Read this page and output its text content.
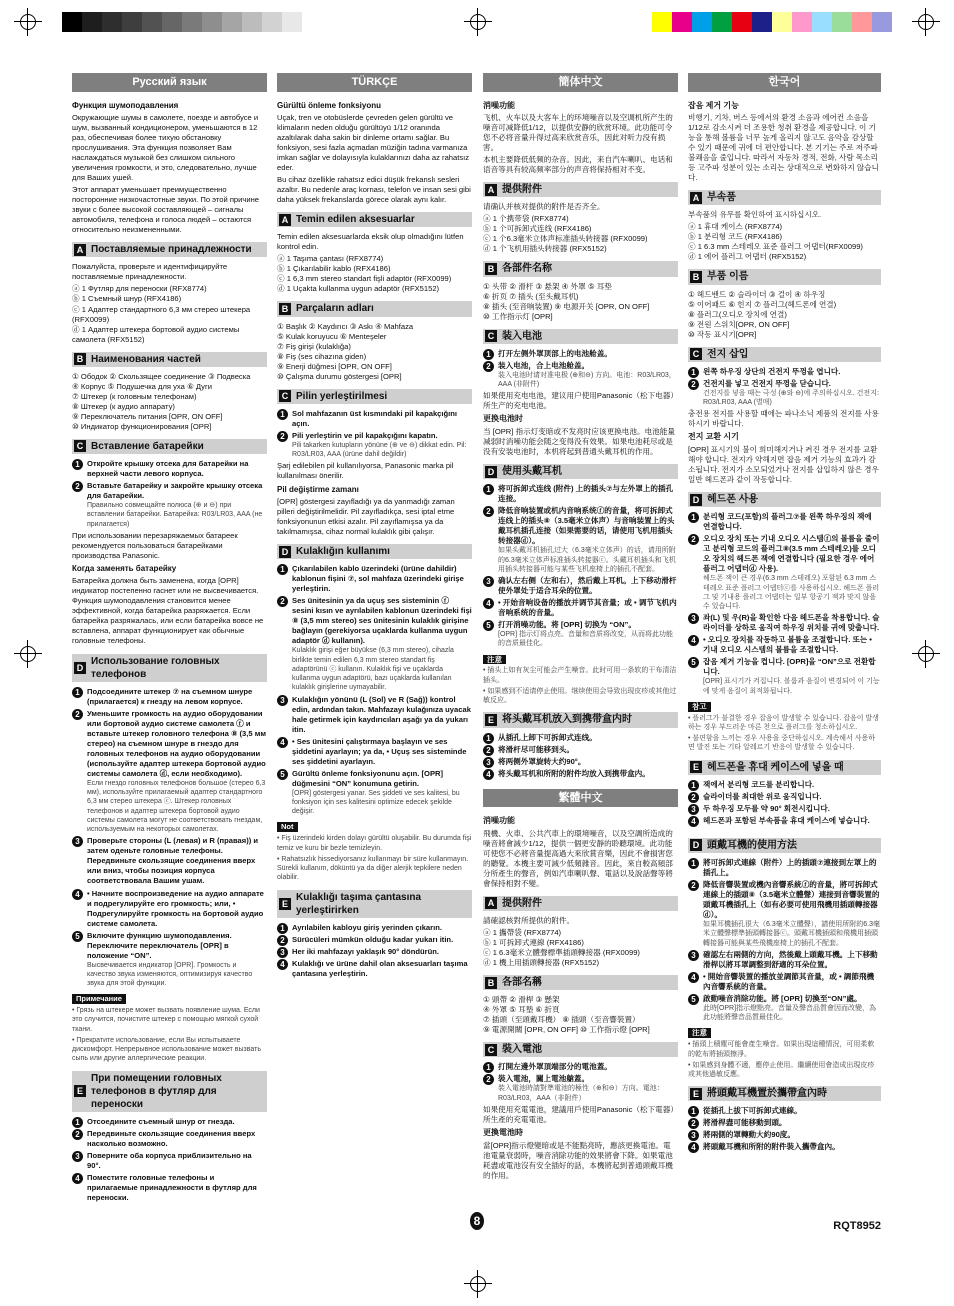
Русский язык
Функция шумоподавления

Окружающие шумы в самолете, поезде и автобусе и шум, вызванный кондиционером, уменьшаются в 12 раз, обеспечивая более тихую обстановку прослушивания. Эта функция позволяет Вам наслаждаться музыкой без слишком сильного увеличения громкости, и это, следовательно, лучше для Ваших ушей.

Этот аппарат уменьшает преимущественно посторонние низкочастотные звуки. По этой причине звуки с более высокой составляющей – сигналы автомобиля, телефона и голоса людей – остаются относительно неизмененными.

A Поставляемые принадлежности

Пожалуйста, проверьте и идентифицируйте поставляемые принадлежности.

ⓐ 1 Футляр для переноски (RFX8774)
ⓑ 1 Съемный шнур (RFX4186)
ⓒ 1 Адаптер стандартного 6,3 мм стерео штекера (RFX0099)
ⓓ 1 Адаптер штекера бортовой аудио системы самолета (RFX5152)
B Наименования частей
① Ободок ② Скользящее соединение ③ Подвеска
④ Корпус ⑤ Подушечка для уха ⑥ Дуги
⑦ Штекер (к головным телефонам)
⑧ Штекер (к аудио аппарату)
⑨ Переключатель питания [OPR, ON OFF]
⑩ Индикатор функционирования [OPR]
C Вставление батарейки
1 Откройте крышку отсека для батарейки на верхней части левого корпуса.
2 Вставьте батарейку и закройте крышку отсека для батарейки.
Правильно совмещайте полюса (⊕ и ⊖) при вставлении батарейки. Батарейка: R03/LR03, AAA (не прилагается)

При использовании перезаряжаемых батареек рекомендуется пользоваться батарейками производства Panasonic.

Когда заменять батарейку

Батарейка должна быть заменена, когда [OPR] индикатор постепенно гаснет или не высвечивается. Функция шумоподавления становится менее эффективной, когда батарейка разряжается. Если батарейка разряжалась, или если батарейка вовсе не вставлена, аппарат функционирует как обычные головные телефоны.

D
Использование головных телефонов
1 Подсоедините штекер ⑦ на съемном шнуре (прилагается) к гнезду на левом корпусе.
2 Уменьшите громкость на аудио оборудовании или бортовой аудио системе самолета ⓕ и вставьте штекер головного телефона ⑧ (3,5 мм стерео) на съемном шнуре в гнездо для головных телефонов на аудио оборудовании (используйте адаптер штекера бортовой аудио системы самолета ⓓ, если необходимо).
Если гнездо головных телефонов большое (стерео 6,3 мм), используйте прилагаемый адаптер стандартного 6,3 мм стерео штекера ⓒ. Штекер головных телефонов и адаптер штекера бортовой аудио системы самолета могут не соответствовать гнездам, используемым на некоторых самолетах.
3 Проверьте стороны (L (левая) и R (правая)) и затем оденьте головные телефоны. Передвиньте скользящие соединения вверх или вниз, чтобы позиция корпуса соответствовала Вашим ушам.
4 • Начните воспроизведение на аудио аппарате и подрегулируйте его громкость; или, • Подрегулируйте громкость на бортовой аудио системе самолета.
5 Включите функцию шумоподавления. Переключите переключатель [OPR] в положение “ON”.
Высвечивается индикатор [OPR]. Громкость и качество звука изменяются, оптимизируя качество звука для этой функции.
Примечание

• Грязь на штекере может вызвать появление шума. Если это случится, почистите штекер с помощью мягкой сухой ткани.

• Прекратите использование, если Вы испытываете дискомфорт. Непрерывное использование может вызвать сыпь или другие аллергические реакции.

E
При помещении головных телефонов в футляр для переноски
1 Отсоедините съемный шнур от гнезда.
2 Передвиньте скользящие соединения вверх насколько возможно.
3 Поверните оба корпуса приблизительно на 90°.
4 Поместите головные телефоны и прилагаемые принадлежности в футляр для переноски.
TÜRKÇE
Gürültü önleme fonksiyonu

Uçak, tren ve otobüslerde çevreden gelen gürültü ve klimaların neden olduğu gürültüyü 1/12 oranında azaltılarak daha sakin bir dinleme ortamı sağlar. Bu fonksiyon, sesi fazla açmadan müziğin tadına varmanıza imkan sağlar ve dolayısıyla kulaklarınızı daha az rahatsız eder.

Bu cihaz özellikle rahatsız edici düşük frekanslı sesleri azaltır. Bu nedenle araç kornası, telefon ve insan sesi gibi daha yüksek frekanslarda görece olarak aynı kalır.

A Temin edilen aksesuarlar

Temin edilen aksesuarlarda eksik olup olmadığını lütfen kontrol edin.

ⓐ 1 Taşıma çantası (RFX8774)
ⓑ 1 Çıkarılabilir kablo (RFX4186)
ⓒ 1 6,3 mm stereo standart fişli adaptör (RFX0099)
ⓓ 1 Uçakta kullanma uygun adaptör (RFX5152)
B Parçaların adları
① Başlık ② Kaydırıcı ③ Askı ④ Mahfaza
⑤ Kulak koruyucu ⑥ Menteşeler
⑦ Fiş girişi (kulaklığa)
⑧ Fiş (ses cihazına giden)
⑨ Enerji düğmesi [OPR, ON OFF]
⑩ Çalışma durumu göstergesi [OPR]
C Pilin yerleştirilmesi
1 Sol mahfazanın üst kısmındaki pil kapakçığını açın.
2 Pili yerleştirin ve pil kapakçığını kapatın.
Pili takarken kutupların yönüne (⊕ ve ⊖) dikkat edin. Pil: R03/LR03, AAA (ürüne dahil değildir)

Şarj edilebilen pil kullanılıyorsa, Panasonic marka pil kullanılması önerilir.

Pil değiştirme zamanı

[OPR] göstergesi zayıfladığı ya da yanmadığı zaman pilleri değiştirilmelidir. Pil zayıfladıkça, sesi iptal etme fonksiyonunun etkisi azalır. Pil zayıflamışsa ya da takılmamışsa, cihaz normal kulaklık gibi çalışır.

D Kulaklığın kullanımı
1 Çıkarılabilen kablo üzerindeki (ürüne dahildir) kablonun fişini ⑦, sol mahfaza üzerindeki girişe yerleştirin.
2 Ses ünitesinin ya da uçuş ses sisteminin ⓕ sesini kısın ve ayrılabilen kablonun üzerindeki fişi ⑧ (3,5 mm stereo) ses ünitesinin kulaklık girişine bağlayın (gerekiyorsa uçaklarda kullanma uygun adaptör ⓓ kullanın).
Kulaklık girişi eğer büyükse (6,3 mm stereo), cihazla birlikte temin edilen 6,3 mm stereo standart fiş adaptörünü ⓒ kullanın. Kulaklık fişi ve uçaklarda kullanma uygun adaptörü, bazı uçaklarda kullanılan kulaklık girişlerine uymayabilir.
3 Kulaklığın yönünü (L (Sol) ve R (Sağ)) kontrol edin, ardından takın. Mahfazayı kulağınıza uyacak hale getirmek için kaydırıcıları aşağı ya da yukarı itin.
4 • Ses ünitesini çalıştırmaya başlayın ve ses şiddetini ayarlayın; ya da, • Uçuş ses sisteminde ses şiddetini ayarlayın.
5 Gürültü önleme fonksiyonunu açın. [OPR] düğmesini “ON” konumuna getirin.
[OPR] göstergesi yanar. Ses şiddeti ve ses kalitesi, bu fonksiyon için ses kalitesini optimize edecek şekilde değişir.
Not

• Fiş üzerindeki kirden dolayı gürültü oluşabilir. Bu durumda fişi temiz ve kuru bir bezle temizleyin.

• Rahatsızlık hissediyorsanız kullanmayı bir süre kullanmayın. Sürekli kullanım, döküntü ya da diğer alerjik tepkilere neden olabilir.

E
Kulaklığı taşıma çantasına yerleştirirken
1 Ayrılabilen kabloyu giriş yerinden çıkarın.
2 Sürücüleri mümkün olduğu kadar yukarı itin.
3 Her iki mahfazayı yaklaşık 90° döndürün.
4 Kulaklığı ve ürüne dahil olan aksesuarları taşıma çantasına yerleştirin.
簡体中文
消噪功能

飞机、火车以及大客车上的环境噪音以及空调机所产生的噪音可减降低1/12，以提供安静的欣赏环境。此功能可令您不必将音量升得过高来欣赏音乐，因此对听力没有损害。

本机主要降低低频的杂音。因此，来自汽车喇叭、电话和语音等具有较高频率部分的声音将保持相对不变。

A 提供附件

请确认并核对提供的附件是否齐全。

ⓐ 1 个携带袋 (RFX8774)
ⓑ 1 个可拆卸式连线 (RFX4186)
ⓒ 1 个6.3毫米立体声标准插头转接器 (RFX0099)
ⓓ 1 个飞机用插头转接器 (RFX5152)
B 各部件名称
① 头带 ② 滑杆 ③ 悬架 ④ 外罩 ⑤ 耳垫
⑥ 折页 ⑦ 插头 (至头戴耳机)
⑧ 插头 (至音响装置) ⑨ 电源开关 [OPR, ON OFF]
⑩ 工作指示灯 [OPR]
C 装入电池
1 打开左侧外罩顶部上的电池舱盖。
2 装入电池，合上电池舱盖。
装入电池时请对准电极 (⊕和⊖) 方向。电池：R03/LR03，AAA (非附件)

如果使用充电电池，建议用户使用Panasonic（松下电器）所生产的充电电池。

更换电池时

当 [OPR] 指示灯变暗或不发亮时应该更换电池。电池能量减弱时消噪功能会随之变得没有效果。如果电池耗尽或是没有安装电池时，本机将起到普通头戴耳机的作用。

D 使用头戴耳机
1 将可拆卸式连线 (附件) 上的插头⑦与左外罩上的插孔连接。
2 降低音响装置或机内音响系统ⓕ的音量，将可拆卸式连线上的插头⑧（3.5毫米立体声）与音响装置上的头戴耳机插孔连接（如果需要的话，请使用飞机用插头转接器ⓓ）。
如果头戴耳机插孔过大（6.3毫米立体声）的话，请用所附的6.3毫米立体声标准插头转接器ⓒ。头戴耳机插头和飞机用插头转接器可能与某些飞机座椅上的插孔不配套。
3 确认左右侧（左和右），然后戴上耳机。上下移动滑杆使外罩处于适合耳朵的位置。
4 • 开始音响设备的播放并调节其音量；或 • 调节飞机内音响系统的音量。
5 打开消噪功能。将 [OPR] 切换为 “ON”。
[OPR] 指示灯将点亮。音量和音质将改变，从而将此功能的音质最佳化。
注意

• 插头上如有灰尘可能会产生噪音。此时可用一条软的干布清洁插头。

• 如果感到不适请停止使用。继续使用会导致出现皮疹或其他过敏反应。

E 将头戴耳机放入到携带盒内时
1 从插孔上卸下可拆卸式连线。
2 将滑杆尽可能移到头。
3 将两侧外罩旋转大约90°。
4 将头戴耳机和所附的附件均放入到携带盒内。
繁體中文
消噪功能

飛機、火車、公共汽車上的環境噪音，以及空調所造成的噪音將會減少1/12，提供一個更安靜的聆聽環境。此功能可使您不必將音量提高過大來欣賞音樂，因此不會損害您的聽覺。本機主要可減少低頻雜音。因此，來自較高頻部分所產生的聲音，例如汽車喇叭聲、電話以及說話聲等將會保持相對不變。

A 提供附件

請確認核對所提供的附件。

ⓐ 1 攜帶袋 (RFX8774)
ⓑ 1 可拆卸式連線 (RFX4186)
ⓒ 1 6.3毫米立體聲標準插頭轉接器 (RFX0099)
ⓓ 1 機上用插頭轉接器 (RFX5152)
B 各部名稱
① 頭帶 ② 滑桿 ③ 懸架
④ 外罩 ⑤ 耳墊 ⑥ 折頁
⑦ 插頭（至頭戴耳機） ⑧ 插頭（至音響裝置）
⑨ 電源開關 [OPR, ON OFF] ⑩ 工作指示燈 [OPR]
C 裝入電池
1 打開左邊外罩頂端部分的電池蓋。
2 裝入電池，關上電池艙蓋。
裝入電池時請對準電池的極性（⊕和⊖）方向。電池：R03/LR03，AAA（非附件）

如果使用充電電池，建議用戶使用Panasonic（松下電器）所生產的充電電池。

更換電池時

當[OPR]指示燈變暗或是不能點亮時，應該更換電池。電池電量衰弱時，噪音消除功能的效果將會下降。如果電池耗盡或電池沒有安全插好的話，本機將起到普通頭戴耳機的作用。

한국어
잡음 제거 기능

비행기, 기차, 버스 등에서의 환경 소음과 에어컨 소음을 1/12로 감소시켜 더 조용한 청취 환경을 제공합니다. 이 기능을 통해 볼륨을 너무 높게 올리지 않고도 음악을 감상할 수 있기 때문에 귀에 더 편안합니다. 본 기기는 주로 저주파 불쾌음을 줄입니다. 따라서 자동차 경적, 전화, 사람 목소리 등 고주파 성분이 있는 소리는 상대적으로 변화하지 않습니다.

A 부속품

부속품의 유무를 확인하여 표시하십시오.

ⓐ 1 휴대 케이스 (RFX8774)
ⓑ 1 분리형 코드 (RFX4186)
ⓒ 1 6.3 mm 스테레오 표준 플러그 어댑터(RFX0099)
ⓓ 1 에어 플러그 어댑터 (RFX5152)
B 부품 이름
① 헤드밴드 ② 슬라이더 ③ 걸이 ④ 하우징
⑤ 이어패드 ⑥ 힌지 ⑦ 플러그(헤드폰에 연결)
⑧ 플러그(오디오 장치에 연결)
⑨ 전원 스위치[OPR, ON OFF]
⑩ 작동 표시기[OPR]
C 전지 삽입
1 왼쪽 하우징 상단의 건전지 뚜껑을 엽니다.
2 건전지를 넣고 건전지 뚜껑을 닫습니다.
건전지를 넣을 때는 극성 (⊕와 ⊖)에 주의하십시오. 건전지: R03/LR03, AAA (별매)

충전용 전지를 사용할 때에는 파나소닉 제품의 전지를 사용하시기 바랍니다.

전지 교환 시기

[OPR] 표시기의 불이 희미해지거나 켜진 경우 전지를 교환해야 합니다. 전지가 약해지면 잡음 제거 기능의 효과가 감소됩니다. 전지가 소모되었거나 전지를 삽입하지 않은 경우 일반 헤드폰과 같이 작동합니다.

D 헤드폰 사용
1 분리형 코드(포함)의 플러그⑦를 왼쪽 하우징의 잭에 연결합니다.
2 오디오 장치 또는 기내 오디오 시스템ⓕ의 볼륨을 줄이고 분리형 코드의 플러그⑧(3.5 mm 스테레오)를 오디오 장치의 헤드폰 잭에 연결합니다 (필요한 경우 에어 플러그 어댑터ⓓ 사용).
헤드폰 잭이 큰 경우(6.3 mm 스테레오) 포함된 6.3 mm 스테레오 표준 플러그 어댑터ⓒ를 사용하십시오. 헤드폰 플러그 및 기내용 플러그 어댑터는 일부 항공기 잭과 맞지 않을 수 있습니다.
3 좌(L) 및 우(R)을 확인한 다음 헤드폰을 착용합니다. 슬라이더를 상하로 움직여 하우징 위치를 귀에 맞춥니다.
4 • 오디오 장치를 작동하고 볼륨을 조절합니다. 또는 • 기내 오디오 시스템의 볼륨을 조절합니다.
5 잡음 제거 기능을 켭니다. [OPR]을 “ON”으로 전환합니다.
[OPR] 표시기가 켜집니다. 볼륨과 음질이 변경되어 이 기능에 맞게 음질이 최적화됩니다.
참고

• 플러그가 불결한 경우 잡음이 발생할 수 있습니다. 잡음이 발생하는 경우 부드러운 마른 천으로 플러그를 청소하십시오.

• 불편함을 느끼는 경우 사용을 중단하십시오. 계속해서 사용하면 발진 또는 기타 알레르기 반응이 발생할 수 있습니다.

E 헤드폰을 휴대 케이스에 넣을 때
1 잭에서 분리형 코드를 분리합니다.
2 슬라이더를 최대한 위로 움직입니다.
3 두 하우징 모두를 약 90° 회전시킵니다.
4 헤드폰과 포함된 부속품을 휴대 케이스에 넣습니다.
D 頭戴耳機的使用方法
1 將可拆卸式連線（附件）上的插頭⑦連接到左罩上的插孔上。
2 降低音響裝置或機內音響系統ⓕ的音量，將可拆卸式連線上的插頭⑧（3.5毫米立體聲）連接到音響裝置的頭戴耳機插孔上（如有必要可使用飛機用插頭轉接器ⓓ）。
如果耳機插孔很大（6.3毫米立體聲），請使用所附的6.3毫米立體聲標準插頭轉接器ⓒ。頭戴耳機插頭和飛機用插頭轉接器可能與某些飛機座椅上的插孔不配套。
3 確認左右兩側的方向，然後戴上頭戴耳機。上下移動滑桿以將耳罩調整到舒適的耳朵位置。
4 • 開始音響裝置的播放並調節其音量，或 • 調節飛機內音響系統的音量。
5 啟動噪音消除功能。將 [OPR] 切換至“ON”處。
此時[OPR]指示燈點亮。音量及聲音品質會因而改變，為此功能將聲音品質最佳化。
注意

• 插頭上積塵可能會產生噪音。如果出現這種情況，可用柔軟的乾布將插頭擦淨。

• 如果感到身體不適，應停止使用。繼續使用會造成出現皮疹或其他過敏反應。

E 將頭戴耳機置於攜帶盒內時
1 從插孔上拔下可拆卸式連線。
2 將滑桿盡可能移動到頭。
3 將兩側的罩轉動大約90度。
4 將頭戴耳機和所附的附件裝入攜帶盒內。
8	RQT8952
